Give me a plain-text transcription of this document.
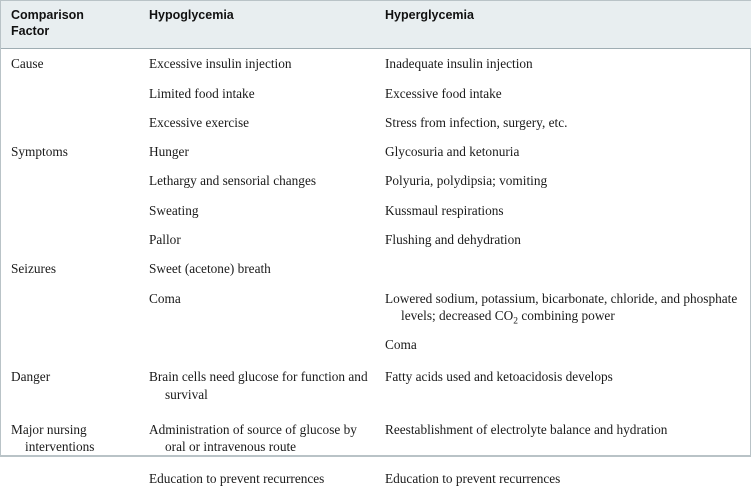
Comparison
Factor	Hypoglycemia	Hyperglycemia
Cause	Excessive insulin injection	Inadequate insulin injection
	Limited food intake	Excessive food intake
	Excessive exercise	Stress from infection, surgery, etc.
Symptoms	Hunger	Glycosuria and ketonuria
	Lethargy and sensorial changes	Polyuria, polydipsia; vomiting
	Sweating	Kussmaul respirations
	Pallor	Flushing and dehydration
Seizures	Sweet (acetone) breath	
	Coma	Lowered sodium, potassium, bicarbonate, chloride, and phosphate levels; decreased $CO_2$ combining power

		Coma
Danger	Brain cells need glucose for function and survival	Fatty acids used and ketoacidosis develops

Major nursing interventions	Administration of source of glucose by oral or intravenous route	Reestablishment of electrolyte balance and hydration
	Education to prevent recurrences	Education to prevent recurrences
